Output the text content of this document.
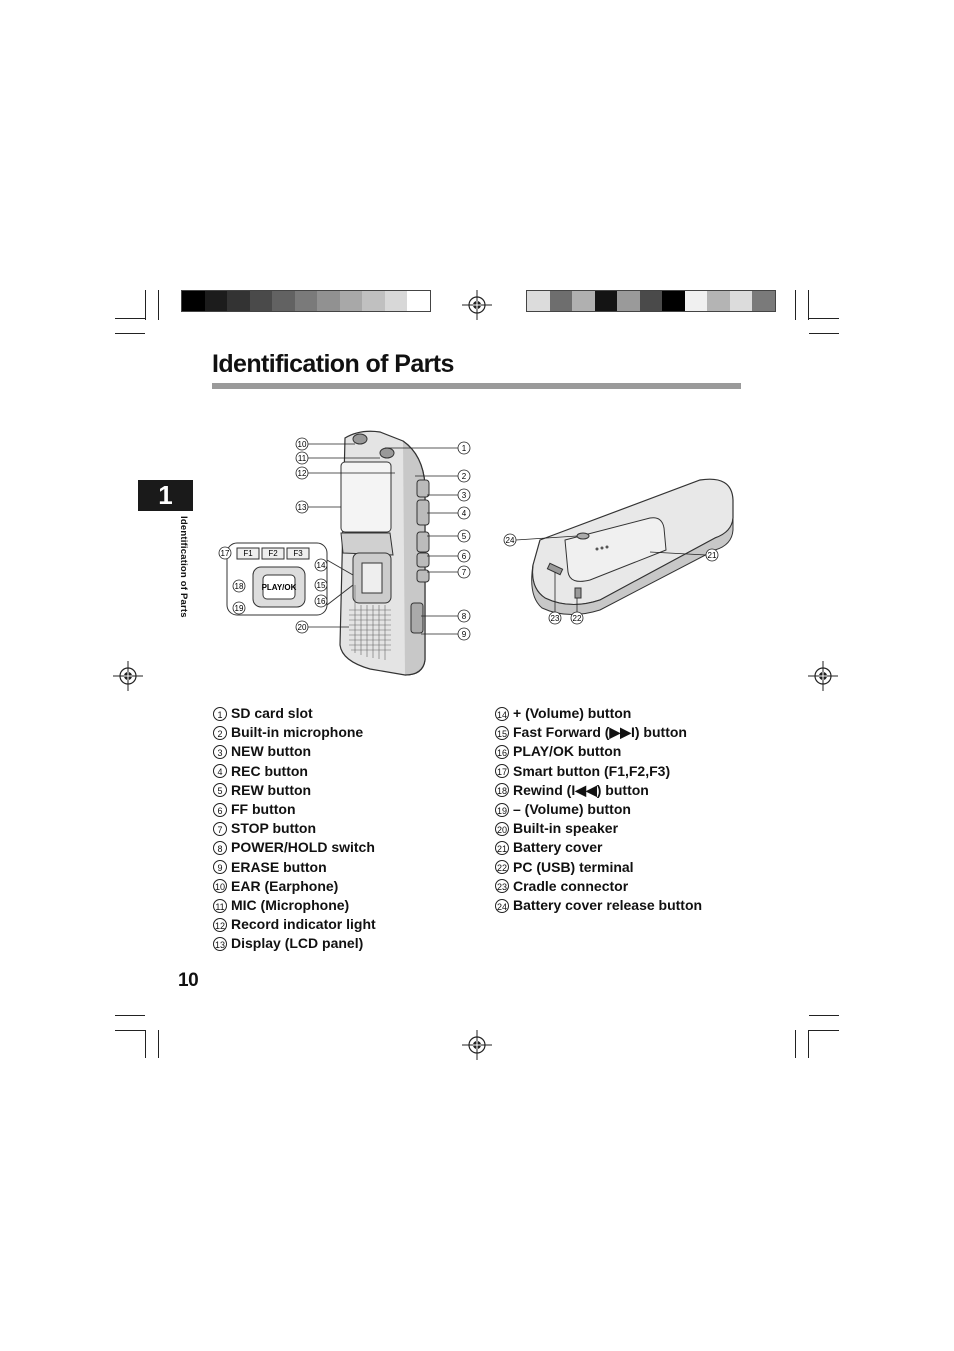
Identification of Parts
1
Identification of Parts	F1 F2 F3
PLAY/OK
10
11
12
13
1
2
3
4
5
6
7
8
9
17
18
19
14
15
16
20
24
21
23 22
1 SD card slot
2 Built-in microphone
3 NEW button
4 REC button
5 REW button
6 FF button
7 STOP button
8 POWER/HOLD switch
9 ERASE button
10 EAR (Earphone)
11 MIC (Microphone)
12 Record indicator light
13 Display (LCD panel)
14 + (Volume) button
15 Fast Forward (▶▶I) button
16 PLAY/OK button
17 Smart button (F1,F2,F3)
18 Rewind (I◀◀) button
19 – (Volume) button
20 Built-in speaker
21 Battery cover
22 PC (USB) terminal
23 Cradle connector
24 Battery cover release button
10
